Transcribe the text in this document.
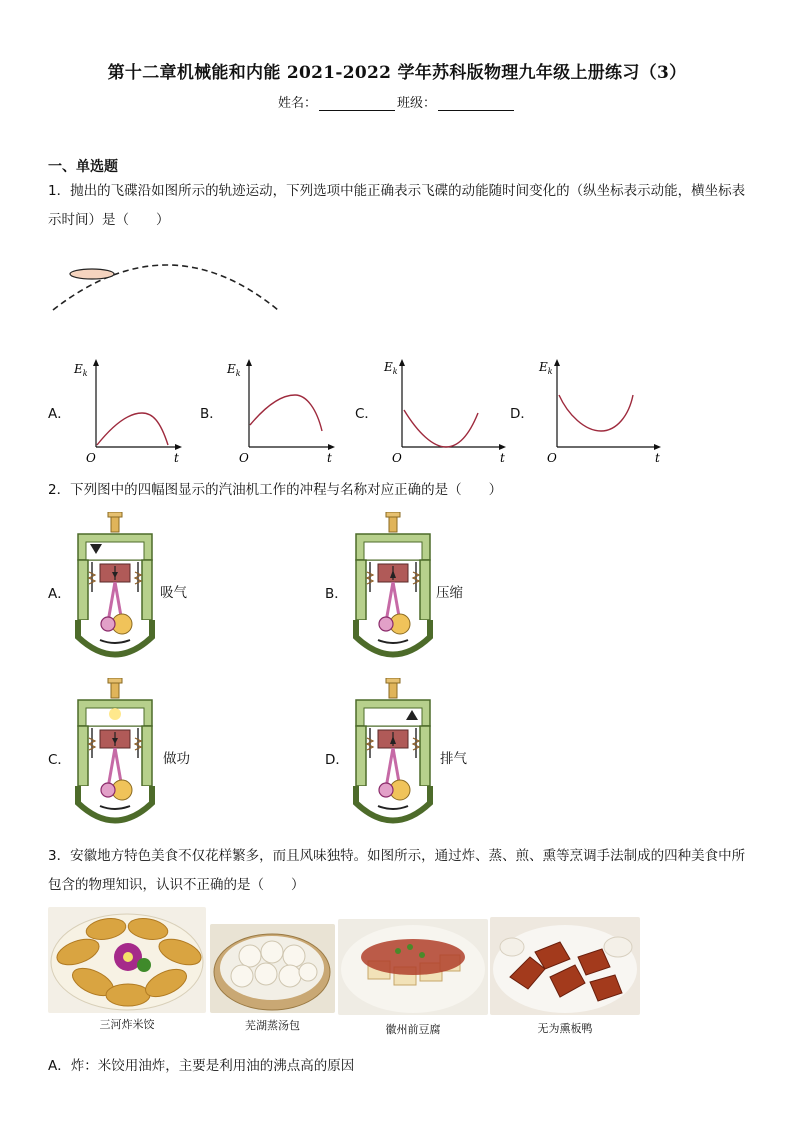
第十二章机械能和内能 2021-2022 学年苏科版物理九年级上册练习（3）
姓名：	班级：
一、单选题
1．抛出的飞碟沿如图所示的轨迹运动，下列选项中能正确表示飞碟的动能随时间变化的（纵坐标表示动能，横坐标表示时间）是（　　）
A．
$E_k$
O	t
B．
$E_k$
O	t
C．
$E_k$
O	t
D．
$E_k$
O	t
2．下列图中的四幅图显示的汽油机工作的冲程与名称对应正确的是（　　）
A．	吸气	B．	压缩
C．	做功	D．	排气
3．安徽地方特色美食不仅花样繁多，而且风味独特。如图所示，通过炸、蒸、煎、熏等烹调手法制成的四种美食中所包含的物理知识，认识不正确的是（　　）
三河炸米饺	芜湖蒸汤包	徽州前豆腐	无为熏板鸭
A．炸：米饺用油炸，主要是利用油的沸点高的原因
